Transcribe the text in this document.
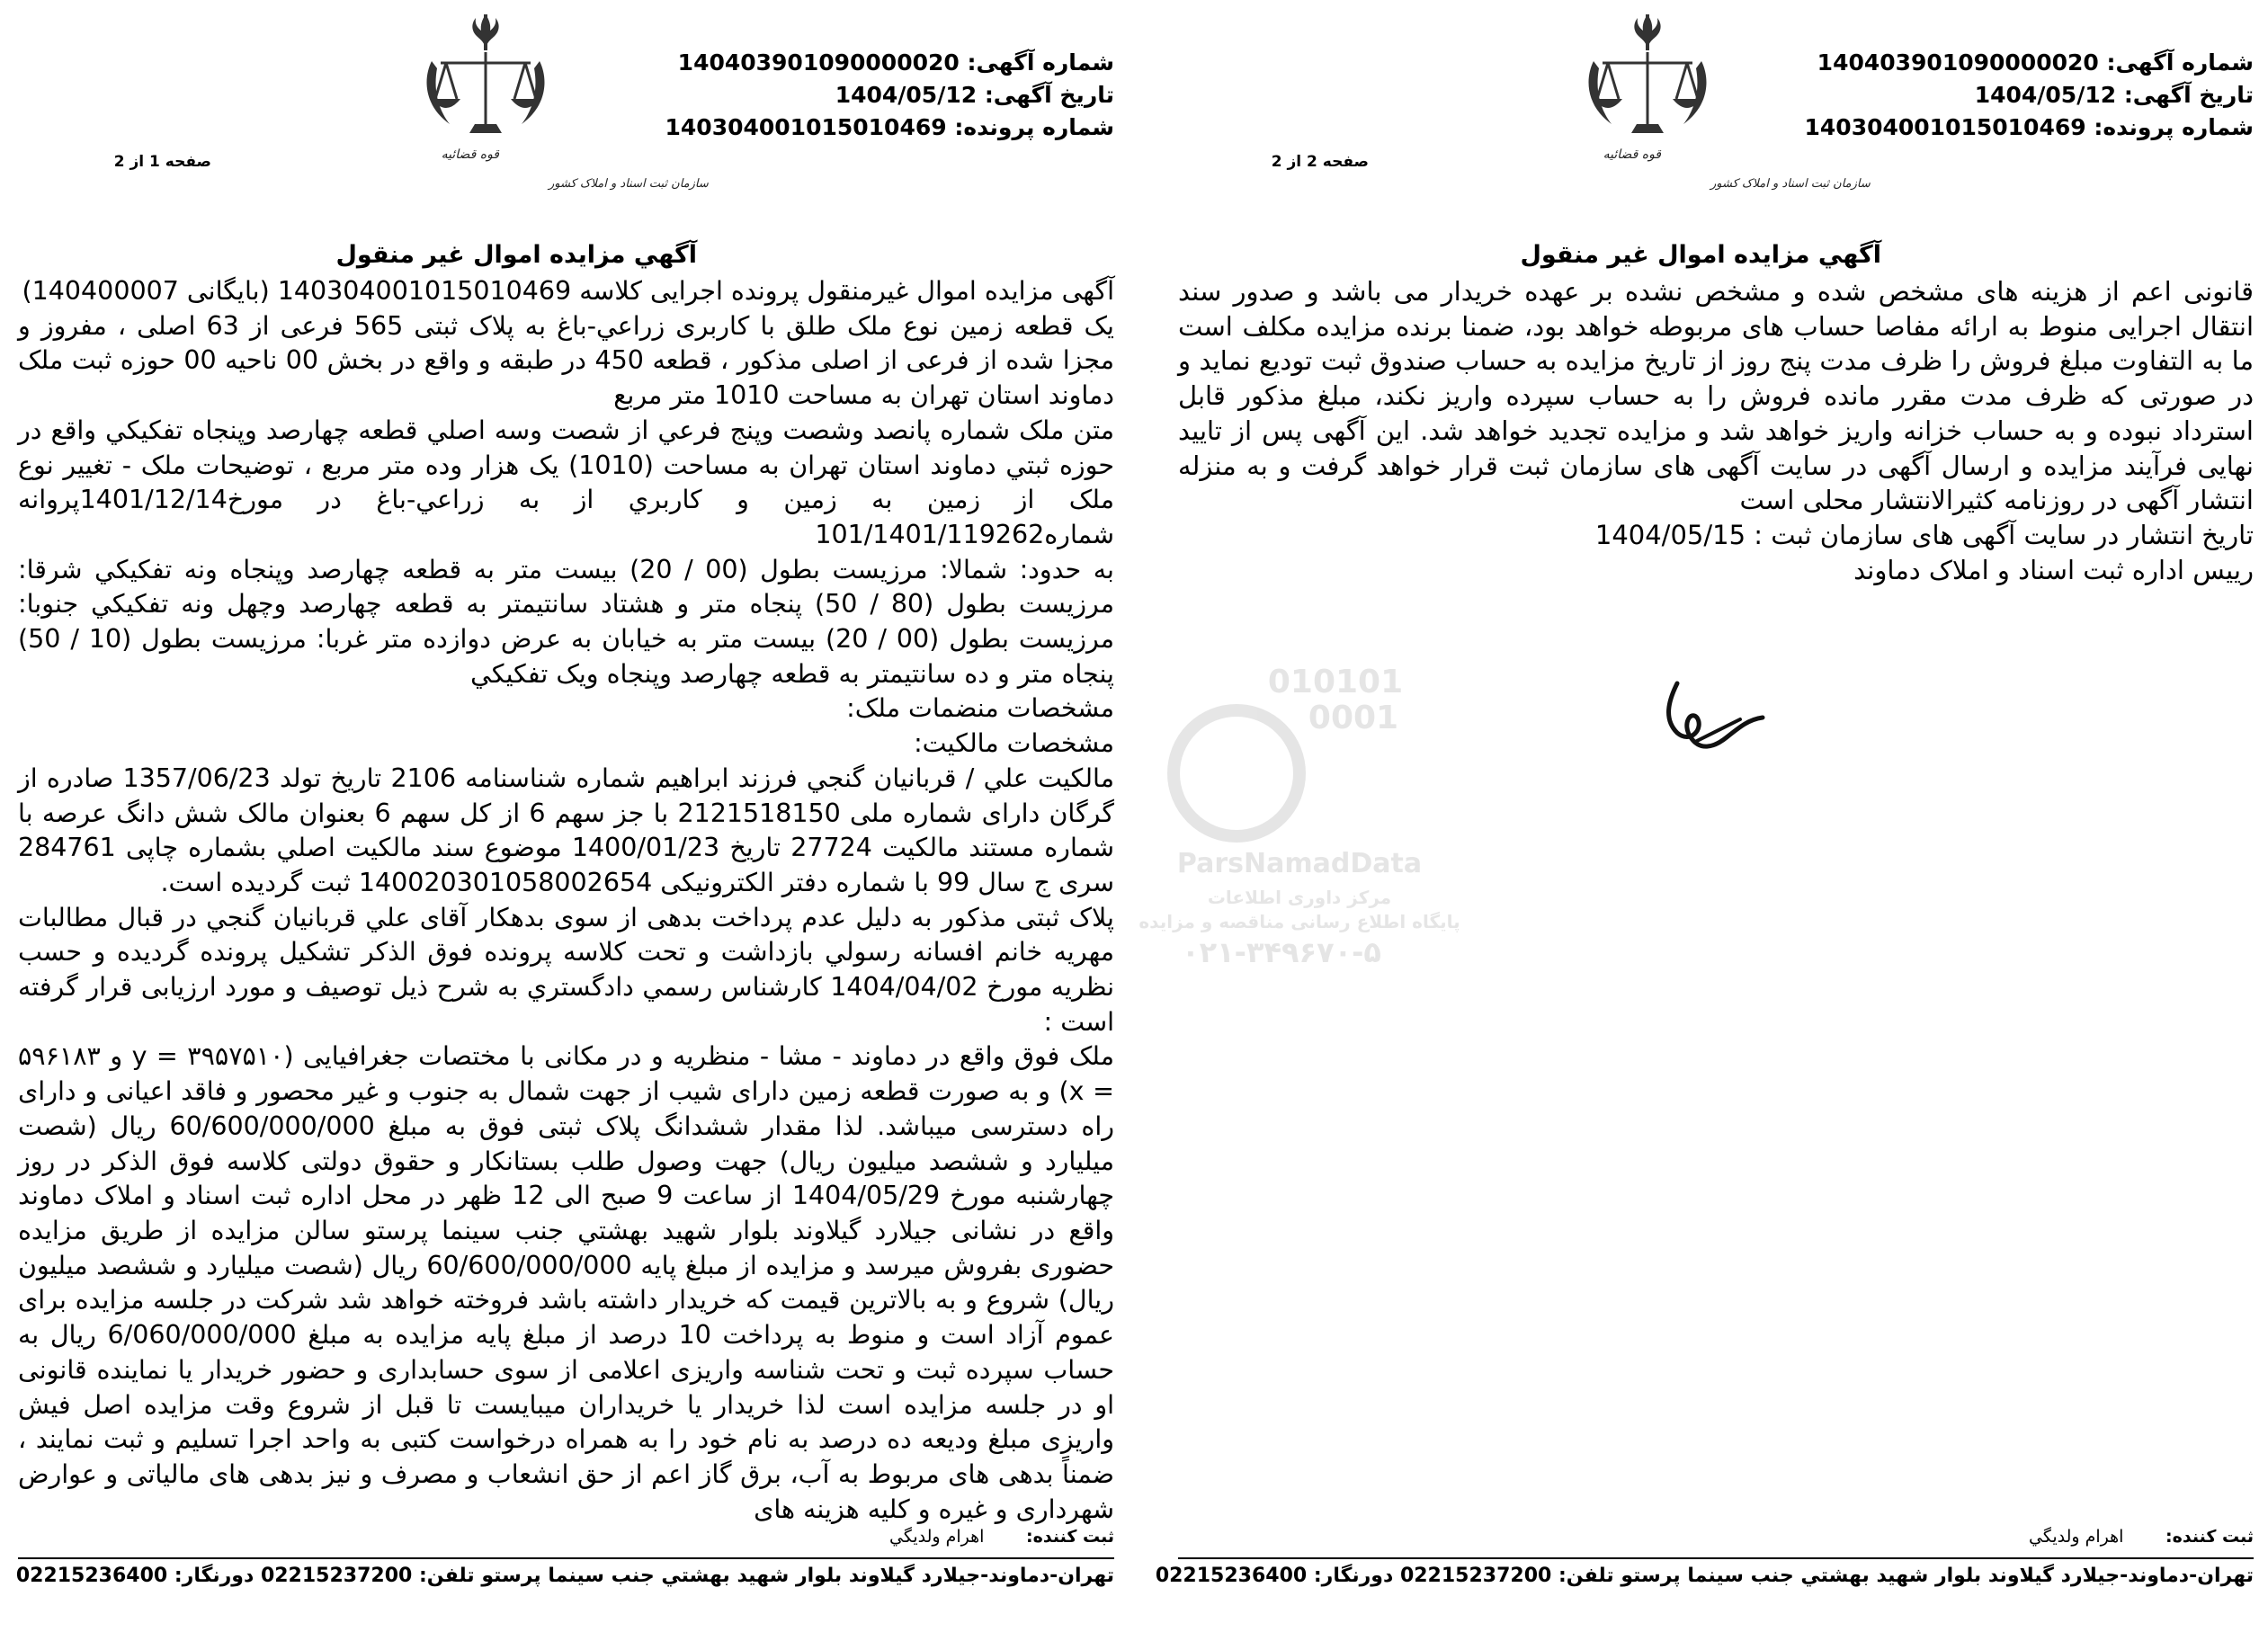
شماره آگهی: 140403901090000020
تاریخ آگهی: 1404/05/12
شماره پرونده: 140304001015010469
قوه قضائیه
سازمان ثبت اسناد و املاک کشور
صفحه 1 از 2
آگهي مزايده اموال غير منقول

آگهی مزايده اموال غيرمنقول پرونده اجرايی كلاسه 140304001015010469 (بايگانی 140400007)

يک قطعه زمين نوع ملک طلق با كاربری زراعي-باغ به پلاک ثبتی 565 فرعی از 63 اصلی ، مفروز و مجزا شده از فرعی از اصلی مذكور ، قطعه 450 در طبقه و واقع در بخش 00 ناحيه 00 حوزه ثبت ملک دماوند استان تهران به مساحت 1010 متر مربع

متن ملک شماره پانصد وشصت وپنج فرعي از شصت وسه اصلي قطعه چهارصد وپنجاه تفكيكي واقع در حوزه ثبتي دماوند استان تهران به مساحت (1010) يک هزار وده متر مربع ، توضيحات ملک - تغيير نوع ملک از زمين به زمين و كاربري از به زراعي-باغ در مورخ1401/12/14پروانه شماره101/1401/119262

به حدود: شمالا: مرزيست بطول (00 / 20) بيست متر به قطعه چهارصد وپنجاه ونه تفكيكي شرقا: مرزيست بطول (80 / 50) پنجاه متر و هشتاد سانتيمتر به قطعه چهارصد وچهل ونه تفكيكي جنوبا: مرزيست بطول (00 / 20) بيست متر به خيابان به عرض دوازده متر غربا: مرزيست بطول (10 / 50) پنجاه متر و ده سانتيمتر به قطعه چهارصد وپنجاه ويک تفكيكي

مشخصات منضمات ملک:

مشخصات مالكيت:

مالكيت علي / قربانيان گنجي فرزند ابراهيم شماره شناسنامه 2106 تاريخ تولد 1357/06/23 صادره از گرگان دارای شماره ملی 2121518150 با جز سهم 6 از كل سهم 6 بعنوان مالک شش دانگ عرصه با شماره مستند مالكيت 27724 تاريخ 1400/01/23 موضوع سند مالكيت اصلي بشماره چاپی 284761 سری ج سال 99 با شماره دفتر الكترونيكی 140020301058002654 ثبت گرديده است.

پلاک ثبتی مذكور به دليل عدم پرداخت بدهی از سوی بدهكار آقای علي قربانيان گنجي در قبال مطالبات مهريه خانم افسانه رسولي بازداشت و تحت كلاسه پرونده فوق الذكر تشكيل پرونده گرديده و حسب نظريه مورخ 1404/04/02 كارشناس رسمي دادگستري به شرح ذيل توصيف و مورد ارزيابی قرار گرفته است :

ملک فوق واقع در دماوند - مشا - منظريه و در مكانی با مختصات جغرافيايی (y = ۳۹۵۷۵۱۰ و ۵۹۶۱۸۳ = x) و به صورت قطعه زمين دارای شيب از جهت شمال به جنوب و غير محصور و فاقد اعيانی و دارای راه دسترسی ميباشد. لذا مقدار ششدانگ پلاک ثبتی فوق به مبلغ 60/600/000/000 ريال (شصت ميليارد و ششصد ميليون ريال) جهت وصول طلب بستانكار و حقوق دولتی كلاسه فوق الذكر در روز چهارشنبه مورخ 1404/05/29 از ساعت 9 صبح الی 12 ظهر در محل اداره ثبت اسناد و املاک دماوند واقع در نشانی جيلارد گيلاوند بلوار شهيد بهشتي جنب سينما پرستو سالن مزايده از طريق مزايده حضوری بفروش ميرسد و مزايده از مبلغ پايه 60/600/000/000 ريال (شصت ميليارد و ششصد ميليون ريال) شروع و به بالاترين قيمت كه خريدار داشته باشد فروخته خواهد شد شركت در جلسه مزايده برای عموم آزاد است و منوط به پرداخت 10 درصد از مبلغ پايه مزايده به مبلغ 6/060/000/000 ريال به حساب سپرده ثبت و تحت شناسه واريزی اعلامی از سوی حسابداری و حضور خريدار يا نماينده قانونی او در جلسه مزايده است لذا خريدار يا خريداران ميبايست تا قبل از شروع وقت مزايده اصل فيش واريزی مبلغ وديعه ده درصد به نام خود را به همراه درخواست كتبی به واحد اجرا تسليم و ثبت نمايند ، ضمناً بدهی های مربوط به آب، برق گاز اعم از حق انشعاب و مصرف و نيز بدهی های مالياتی و عوارض شهرداری و غيره و كليه هزينه های

ثبت كننده: اهرام ولديگي
تهران-دماوند-جيلارد گيلاوند بلوار شهيد بهشتي جنب سينما پرستو تلفن: 02215237200 دورنگار: 02215236400
010101
0001
ParsNamadData
مرکز داوری اطلاعات
پایگاه اطلاع رسانی مناقصه و مزایده
۰۲۱-۳۴۹۶۷۰-۵
شماره آگهی: 140403901090000020
تاریخ آگهی: 1404/05/12
شماره پرونده: 140304001015010469
قوه قضائیه
سازمان ثبت اسناد و املاک کشور
صفحه 2 از 2
آگهي مزايده اموال غير منقول

قانونی اعم از هزينه های مشخص شده و مشخص نشده بر عهده خريدار می باشد و صدور سند انتقال اجرايی منوط به ارائه مفاصا حساب های مربوطه خواهد بود، ضمنا برنده مزايده مكلف است ما به التفاوت مبلغ فروش را ظرف مدت پنج روز از تاريخ مزايده به حساب صندوق ثبت توديع نمايد و در صورتی كه ظرف مدت مقرر مانده فروش را به حساب سپرده واريز نكند، مبلغ مذكور قابل استرداد نبوده و به حساب خزانه واريز خواهد شد و مزايده تجديد خواهد شد. اين آگهی پس از تاييد نهايی فرآيند مزايده و ارسال آگهی در سايت آگهی های سازمان ثبت قرار خواهد گرفت و به منزله انتشار آگهی در روزنامه كثيرالانتشار محلی است

تاريخ انتشار در سايت آگهی های سازمان ثبت : 1404/05/15

رييس اداره ثبت اسناد و املاک دماوند

ثبت كننده: اهرام ولديگي
تهران-دماوند-جيلارد گيلاوند بلوار شهيد بهشتي جنب سينما پرستو تلفن: 02215237200 دورنگار: 02215236400
